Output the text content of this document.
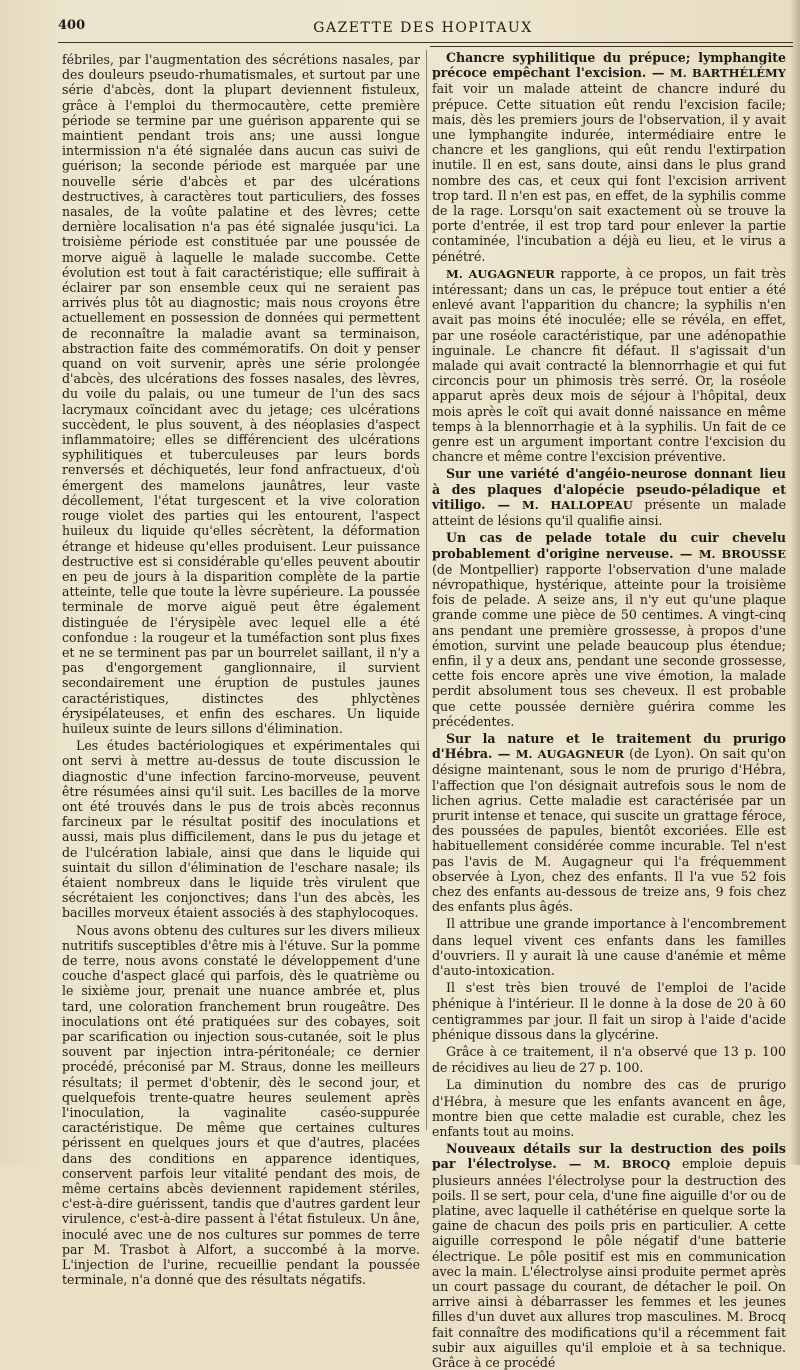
400	GAZETTE DES HOPITAUX

fébriles, par l'augmentation des sécrétions nasales, par des douleurs pseudo-rhumatismales, et surtout par une série d'abcès, dont la plupart deviennent fistuleux, grâce à l'emploi du thermocautère, cette première période se termine par une guérison apparente qui se maintient pendant trois ans; une aussi longue intermission n'a été signalée dans aucun cas suivi de guérison; la seconde période est marquée par une nouvelle série d'abcès et par des ulcérations destructives, à caractères tout particuliers, des fosses nasales, de la voûte palatine et des lèvres; cette dernière localisation n'a pas été signalée jusqu'ici. La troisième période est constituée par une poussée de morve aiguë à laquelle le malade succombe. Cette évolution est tout à fait caractéristique; elle suffirait à éclairer par son ensemble ceux qui ne seraient pas arrivés plus tôt au diagnostic; mais nous croyons être actuellement en possession de données qui permettent de reconnaître la maladie avant sa terminaison, abstraction faite des commémoratifs. On doit y penser quand on voit survenir, après une série prolongée d'abcès, des ulcérations des fosses nasales, des lèvres, du voile du palais, ou une tumeur de l'un des sacs lacrymaux coïncidant avec du jetage; ces ulcérations succèdent, le plus souvent, à des néoplasies d'aspect inflammatoire; elles se différencient des ulcérations syphilitiques et tuberculeuses par leurs bords renversés et déchiquetés, leur fond anfractueux, d'où émergent des mamelons jaunâtres, leur vaste décollement, l'état turgescent et la vive coloration rouge violet des parties qui les entourent, l'aspect huileux du liquide qu'elles sécrètent, la déformation étrange et hideuse qu'elles produisent. Leur puissance destructive est si considérable qu'elles peuvent aboutir en peu de jours à la disparition complète de la partie atteinte, telle que toute la lèvre supérieure. La poussée terminale de morve aiguë peut être également distinguée de l'érysipèle avec lequel elle a été confondue : la rougeur et la tuméfaction sont plus fixes et ne se terminent pas par un bourrelet saillant, il n'y a pas d'engorgement ganglionnaire, il survient secondairement une éruption de pustules jaunes caractéristiques, distinctes des phlyctènes érysipélateuses, et enfin des eschares. Un liquide huileux suinte de leurs sillons d'élimination.

Les études bactériologiques et expérimentales qui ont servi à mettre au-dessus de toute discussion le diagnostic d'une infection farcino-morveuse, peuvent être résumées ainsi qu'il suit. Les bacilles de la morve ont été trouvés dans le pus de trois abcès reconnus farcineux par le résultat positif des inoculations et aussi, mais plus difficilement, dans le pus du jetage et de l'ulcération labiale, ainsi que dans le liquide qui suintait du sillon d'élimination de l'eschare nasale; ils étaient nombreux dans le liquide très virulent que sécrétaient les conjonctives; dans l'un des abcès, les bacilles morveux étaient associés à des staphylocoques.

Nous avons obtenu des cultures sur les divers milieux nutritifs susceptibles d'être mis à l'étuve. Sur la pomme de terre, nous avons constaté le développement d'une couche d'aspect glacé qui parfois, dès le quatrième ou le sixième jour, prenait une nuance ambrée et, plus tard, une coloration franchement brun rougeâtre. Des inoculations ont été pratiquées sur des cobayes, soit par scarification ou injection sous-cutanée, soit le plus souvent par injection intra-péritonéale; ce dernier procédé, préconisé par M. Straus, donne les meilleurs résultats; il permet d'obtenir, dès le second jour, et quelquefois trente-quatre heures seulement après l'inoculation, la vaginalite caséo-suppurée caractéristique. De même que certaines cultures périssent en quelques jours et que d'autres, placées dans des conditions en apparence identiques, conservent parfois leur vitalité pendant des mois, de même certains abcès deviennent rapidement stériles, c'est-à-dire guérissent, tandis que d'autres gardent leur virulence, c'est-à-dire passent à l'état fistuleux. Un âne, inoculé avec une de nos cultures sur pommes de terre par M. Trasbot à Alfort, a succombé à la morve. L'injection de l'urine, recueillie pendant la poussée terminale, n'a donné que des résultats négatifs.

Chancre syphilitique du prépuce; lymphangite précoce empêchant l'excision. — M. BARTHÉLÉMY fait voir un malade atteint de chancre induré du prépuce. Cette situation eût rendu l'excision facile; mais, dès les premiers jours de l'observation, il y avait une lymphangite indurée, intermédiaire entre le chancre et les ganglions, qui eût rendu l'extirpation inutile. Il en est, sans doute, ainsi dans le plus grand nombre des cas, et ceux qui font l'excision arrivent trop tard. Il n'en est pas, en effet, de la syphilis comme de la rage. Lorsqu'on sait exactement où se trouve la porte d'entrée, il est trop tard pour enlever la partie contaminée, l'incubation a déjà eu lieu, et le virus a pénétré.

M. AUGAGNEUR rapporte, à ce propos, un fait très intéressant; dans un cas, le prépuce tout entier a été enlevé avant l'apparition du chancre; la syphilis n'en avait pas moins été inoculée; elle se révéla, en effet, par une roséole caractéristique, par une adénopathie inguinale. Le chancre fit défaut. Il s'agissait d'un malade qui avait contracté la blennorrhagie et qui fut circoncis pour un phimosis très serré. Or, la roséole apparut après deux mois de séjour à l'hôpital, deux mois après le coït qui avait donné naissance en même temps à la blennorrhagie et à la syphilis. Un fait de ce genre est un argument important contre l'excision du chancre et même contre l'excision préventive.

Sur une variété d'angéio-neurose donnant lieu à des plaques d'alopécie pseudo-péladique et vitiligo. — M. HALLOPEAU présente un malade atteint de lésions qu'il qualifie ainsi.

Un cas de pelade totale du cuir chevelu probablement d'origine nerveuse. — M. BROUSSE (de Montpellier) rapporte l'observation d'une malade névropathique, hystérique, atteinte pour la troisième fois de pelade. A seize ans, il n'y eut qu'une plaque grande comme une pièce de 50 centimes. A vingt-cinq ans pendant une première grossesse, à propos d'une émotion, survint une pelade beaucoup plus étendue; enfin, il y a deux ans, pendant une seconde grossesse, cette fois encore après une vive émotion, la malade perdit absolument tous ses cheveux. Il est probable que cette poussée dernière guérira comme les précédentes.

Sur la nature et le traitement du prurigo d'Hébra. — M. AUGAGNEUR (de Lyon). On sait qu'on désigne maintenant, sous le nom de prurigo d'Hébra, l'affection que l'on désignait autrefois sous le nom de lichen agrius. Cette maladie est caractérisée par un prurit intense et tenace, qui suscite un grattage féroce, des poussées de papules, bientôt excoriées. Elle est habituellement considérée comme incurable. Tel n'est pas l'avis de M. Augagneur qui l'a fréquemment observée à Lyon, chez des enfants. Il l'a vue 52 fois chez des enfants au-dessous de treize ans, 9 fois chez des enfants plus âgés.

Il attribue une grande importance à l'encombrement dans lequel vivent ces enfants dans les familles d'ouvriers. Il y aurait là une cause d'anémie et même d'auto-intoxication.

Il s'est très bien trouvé de l'emploi de l'acide phénique à l'intérieur. Il le donne à la dose de 20 à 60 centigrammes par jour. Il fait un sirop à l'aide d'acide phénique dissous dans la glycérine.

Grâce à ce traitement, il n'a observé que 13 p. 100 de récidives au lieu de 27 p. 100.

La diminution du nombre des cas de prurigo d'Hébra, à mesure que les enfants avancent en âge, montre bien que cette maladie est curable, chez les enfants tout au moins.

Nouveaux détails sur la destruction des poils par l'électrolyse. — M. BROCQ emploie depuis plusieurs années l'électrolyse pour la destruction des poils. Il se sert, pour cela, d'une fine aiguille d'or ou de platine, avec laquelle il cathétérise en quelque sorte la gaine de chacun des poils pris en particulier. A cette aiguille correspond le pôle négatif d'une batterie électrique. Le pôle positif est mis en communication avec la main. L'électrolyse ainsi produite permet après un court passage du courant, de détacher le poil. On arrive ainsi à débarrasser les femmes et les jeunes filles d'un duvet aux allures trop masculines. M. Brocq fait connaître des modifications qu'il a récemment fait subir aux aiguilles qu'il emploie et à sa technique. Grâce à ce procédé
